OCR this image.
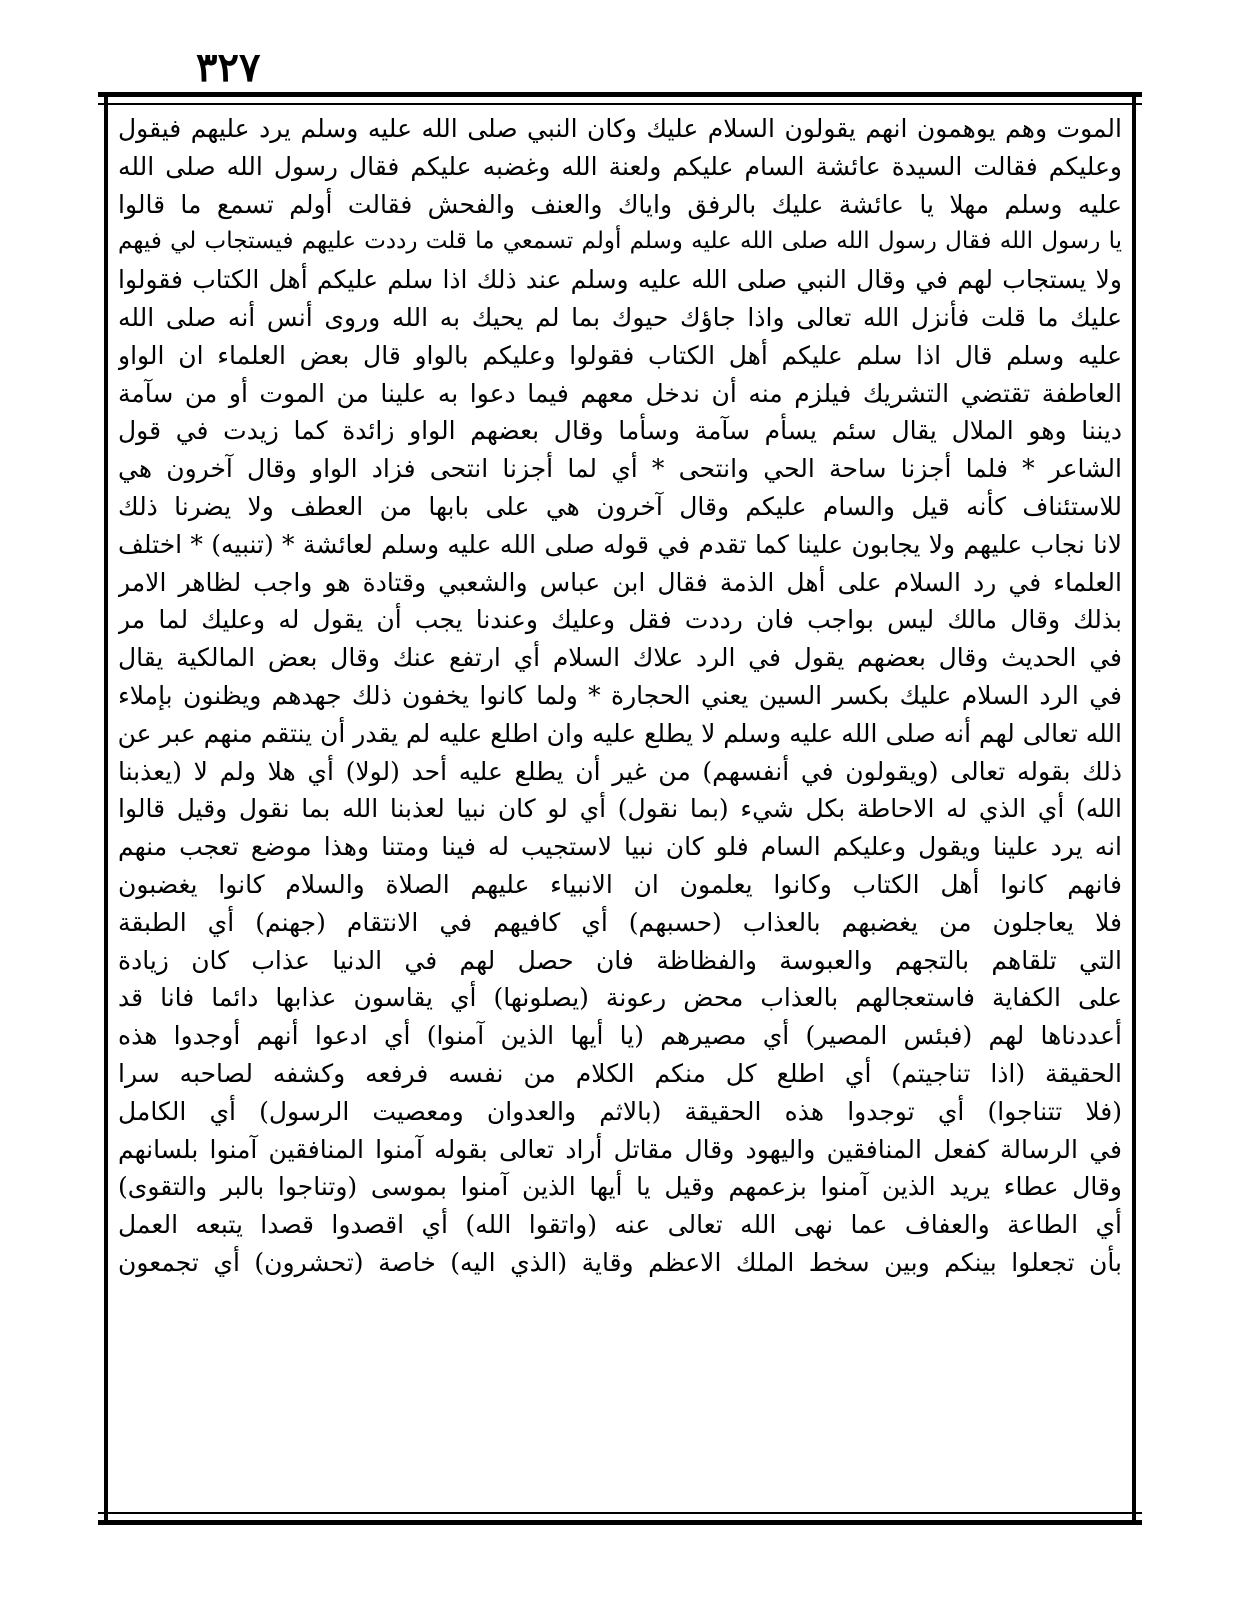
٣٢٧
الموت وهم يوهمون انهم يقولون السلام عليك وكان النبي صلى الله عليه وسلم يرد عليهم فيقول
وعليكم فقالت السيدة عائشة السام عليكم ولعنة الله وغضبه عليكم فقال رسول الله صلى الله
عليه وسلم مهلا يا عائشة عليك بالرفق واياك والعنف والفحش فقالت أولم تسمع ما قالوا
يا رسول الله فقال رسول الله صلى الله عليه وسلم أولم تسمعي ما قلت رددت عليهم فيستجاب لي فيهم
ولا يستجاب لهم في وقال النبي صلى الله عليه وسلم عند ذلك اذا سلم عليكم أهل الكتاب فقولوا
عليك ما قلت فأنزل الله تعالى واذا جاؤك حيوك بما لم يحيك به الله وروى أنس أنه صلى الله
عليه وسلم قال اذا سلم عليكم أهل الكتاب فقولوا وعليكم بالواو قال بعض العلماء ان الواو
العاطفة تقتضي التشريك فيلزم منه أن ندخل معهم فيما دعوا به علينا من الموت أو من سآمة
ديننا وهو الملال يقال سئم يسأم سآمة وسأما وقال بعضهم الواو زائدة كما زيدت في قول
الشاعر * فلما أجزنا ساحة الحي وانتحى * أي لما أجزنا انتحى فزاد الواو وقال آخرون هي
للاستئناف كأنه قيل والسام عليكم وقال آخرون هي على بابها من العطف ولا يضرنا ذلك
لانا نجاب عليهم ولا يجابون علينا كما تقدم في قوله صلى الله عليه وسلم لعائشة * (تنبيه) * اختلف
العلماء في رد السلام على أهل الذمة فقال ابن عباس والشعبي وقتادة هو واجب لظاهر الامر
بذلك وقال مالك ليس بواجب فان رددت فقل وعليك وعندنا يجب أن يقول له وعليك لما مر
في الحديث وقال بعضهم يقول في الرد علاك السلام أي ارتفع عنك وقال بعض المالكية يقال
في الرد السلام عليك بكسر السين يعني الحجارة * ولما كانوا يخفون ذلك جهدهم ويظنون بإملاء
الله تعالى لهم أنه صلى الله عليه وسلم لا يطلع عليه وان اطلع عليه لم يقدر أن ينتقم منهم عبر عن
ذلك بقوله تعالى (ويقولون في أنفسهم) من غير أن يطلع عليه أحد (لولا) أي هلا ولم لا (يعذبنا
الله) أي الذي له الاحاطة بكل شيء (بما نقول) أي لو كان نبيا لعذبنا الله بما نقول وقيل قالوا
انه يرد علينا ويقول وعليكم السام فلو كان نبيا لاستجيب له فينا ومتنا وهذا موضع تعجب منهم
فانهم كانوا أهل الكتاب وكانوا يعلمون ان الانبياء عليهم الصلاة والسلام كانوا يغضبون
فلا يعاجلون من يغضبهم بالعذاب (حسبهم) أي كافيهم في الانتقام (جهنم) أي الطبقة
التي تلقاهم بالتجهم والعبوسة والفظاظة فان حصل لهم في الدنيا عذاب كان زيادة
على الكفاية فاستعجالهم بالعذاب محض رعونة (يصلونها) أي يقاسون عذابها دائما فانا قد
أعددناها لهم (فبئس المصير) أي مصيرهم (يا أيها الذين آمنوا) أي ادعوا أنهم أوجدوا هذه
الحقيقة (اذا تناجيتم) أي اطلع كل منكم الكلام من نفسه فرفعه وكشفه لصاحبه سرا
(فلا تتناجوا) أي توجدوا هذه الحقيقة (بالاثم والعدوان ومعصيت الرسول) أي الكامل
في الرسالة كفعل المنافقين واليهود وقال مقاتل أراد تعالى بقوله آمنوا المنافقين آمنوا بلسانهم
وقال عطاء يريد الذين آمنوا بزعمهم وقيل يا أيها الذين آمنوا بموسى (وتناجوا بالبر والتقوى)
أي الطاعة والعفاف عما نهى الله تعالى عنه (واتقوا الله) أي اقصدوا قصدا يتبعه العمل
بأن تجعلوا بينكم وبين سخط الملك الاعظم وقاية (الذي اليه) خاصة (تحشرون) أي تجمعون
